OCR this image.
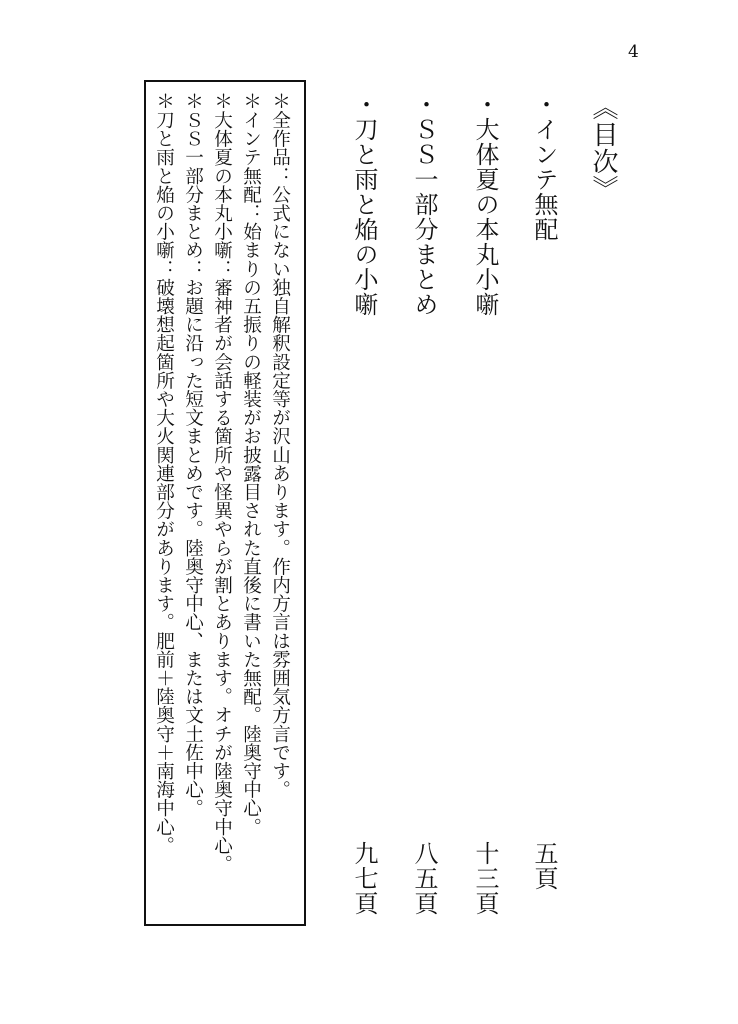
4
《目次》
・インテ無配
五頁
・大体夏の本丸小噺
十三頁
・ＳＳ一部分まとめ
八五頁
・刀と雨と焔の小噺
九七頁
＊全作品：公式にない独自解釈設定等が沢山あります。作内方言は雰囲気方言です。
＊インテ無配：始まりの五振りの軽装がお披露目された直後に書いた無配。陸奥守中心。
＊大体夏の本丸小噺：審神者が会話する箇所や怪異やらが割とあります。オチが陸奥守中心。
＊ＳＳ一部分まとめ：お題に沿った短文まとめです。陸奥守中心、または文土佐中心。
＊刀と雨と焔の小噺：破壊想起箇所や大火関連部分があります。肥前＋陸奥守＋南海中心。
